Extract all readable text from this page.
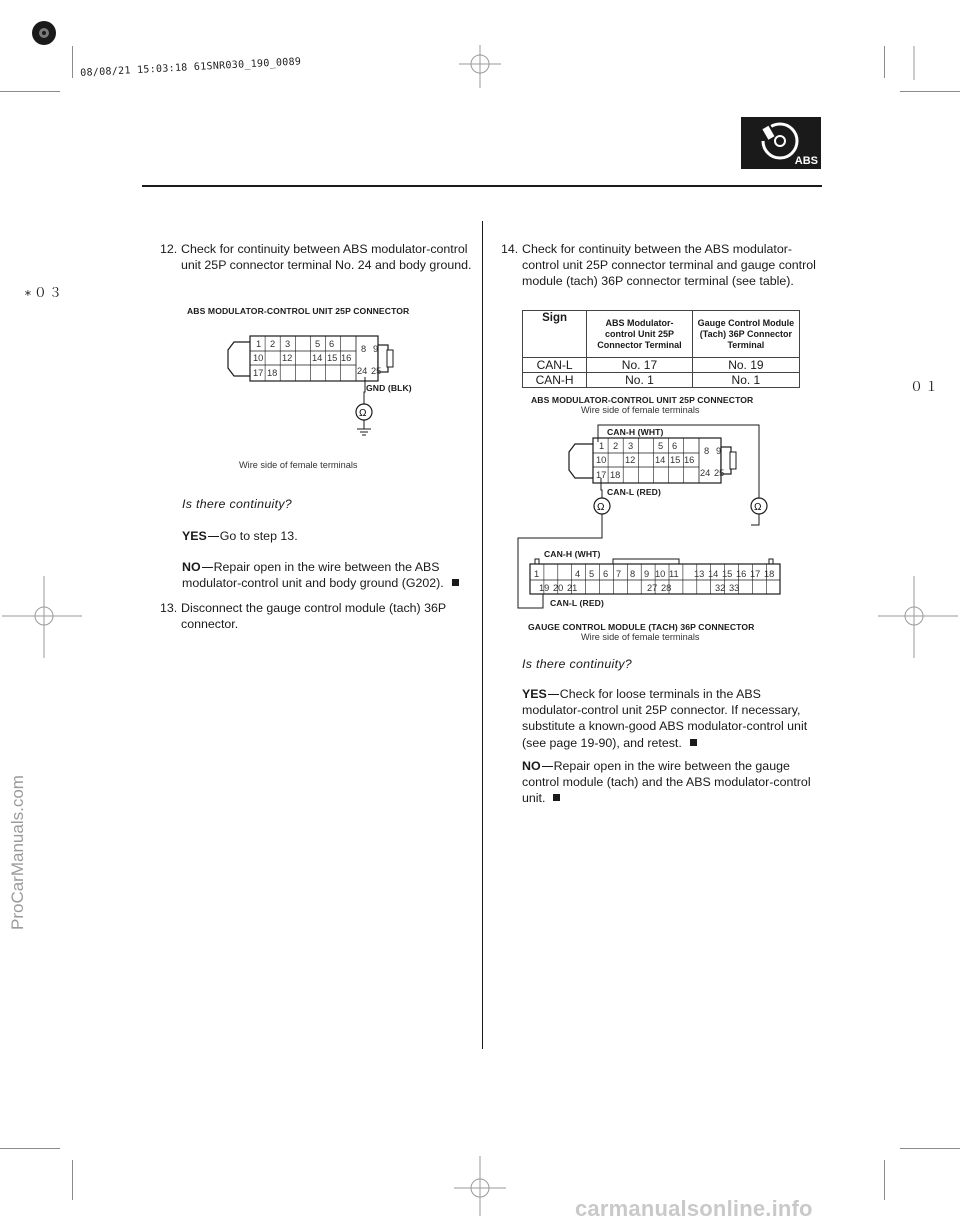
08/08/21 15:03:18 61SNR030_190_0089
ABS
∗０３
０１
12. Check for continuity between ABS modulator-control unit 25P connector terminal No. 24 and body ground.
ABS MODULATOR-CONTROL UNIT 25P CONNECTOR
1 2 3	5 6	8 9
10 12 14 15 16
24 25
17 18
Ω
GND (BLK)
Wire side of female terminals
Is there continuity?
YES Go to step 13.
NO Repair open in the wire between the ABS modulator-control unit and body ground (G202).
13. Disconnect the gauge control module (tach) 36P connector.
14. Check for continuity between the ABS modulator-control unit 25P connector terminal and gauge control module (tach) 36P connector terminal (see table).
Sign	ABS Modulator-control Unit 25P Connector Terminal	Gauge Control Module (Tach) 36P Connector Terminal
CAN-L	No. 17	No. 19
CAN-H	No. 1	No. 1
ABS MODULATOR-CONTROL UNIT 25P CONNECTOR
Wire side of female terminals
1 2 3	5 6	8 9
10 12 14 15 16
24 25
17 18
Ω
Ω
1	4 5 6 7 8 9 10 11 13 14 15 16 17 18
19 20 21	27 28	32 33
CAN-H (WHT)
CAN-L (RED)
CAN-H (WHT)
CAN-L (RED)
GAUGE CONTROL MODULE (TACH) 36P CONNECTOR
Wire side of female terminals
Is there continuity?
YES Check for loose terminals in the ABS modulator-control unit 25P connector. If necessary, substitute a known-good ABS modulator-control unit (see page 19-90), and retest.
NO Repair open in the wire between the gauge control module (tach) and the ABS modulator-control unit.
ProCarManuals.com
carmanualsonline.info
